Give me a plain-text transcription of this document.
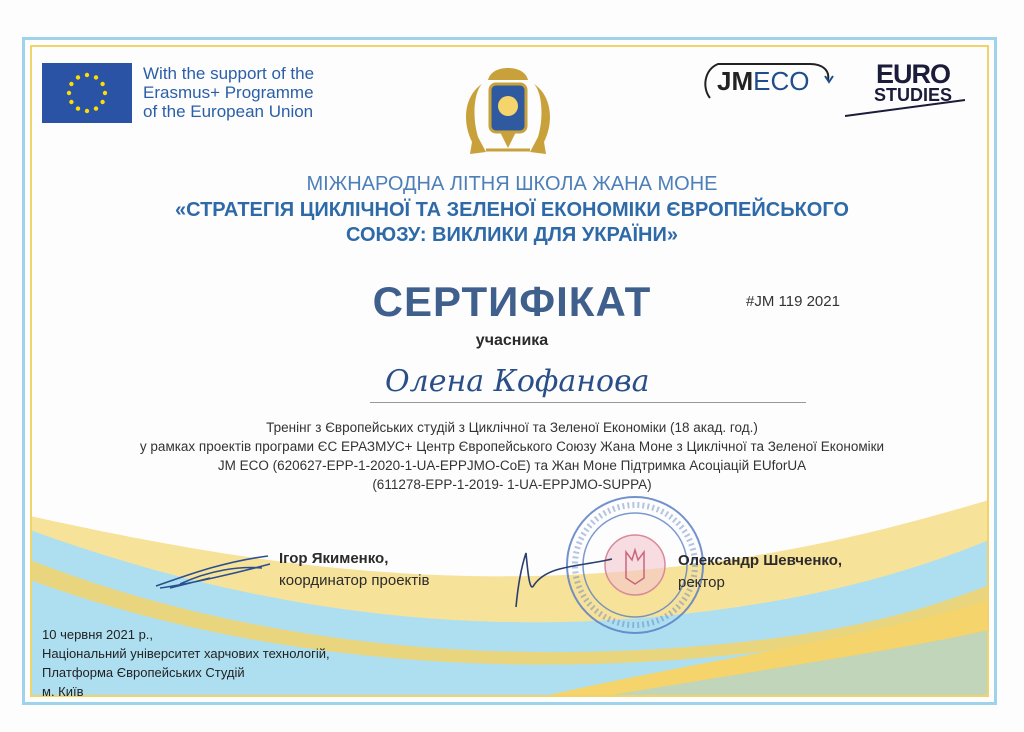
With the support of the
Erasmus+ Programme
of the European Union
JMECO EURO
STUDIES
МІЖНАРОДНА ЛІТНЯ ШКОЛА ЖАНА МОНЕ
«СТРАТЕГІЯ ЦИКЛІЧНОЇ ТА ЗЕЛЕНОЇ ЕКОНОМІКИ ЄВРОПЕЙСЬКОГО
СОЮЗУ: ВИКЛИКИ ДЛЯ УКРАЇНИ»
СЕРТИФІКАТ	#JM 119 2021
учасника
Олена Кофанова
Тренінг з Європейських студій з Циклічної та Зеленої Економіки (18 акад. год.)
у рамках проектів програми ЄС ЕРАЗМУС+ Центр Європейського Союзу Жана Моне з Циклічної та Зеленої Економіки
JM ECO (620627-EPP-1-2020-1-UA-EPPJMO-CoE) та Жан Моне Підтримка Асоціацій EUforUA
(611278-EPP-1-2019- 1-UA-EPPJMO-SUPPA)
Ігор Якименко,
координатор проектів
Олександр Шевченко,
ректор
10 червня 2021 р.,
Національний університет харчових технологій,
Платформа Європейських Студій
м. Київ
